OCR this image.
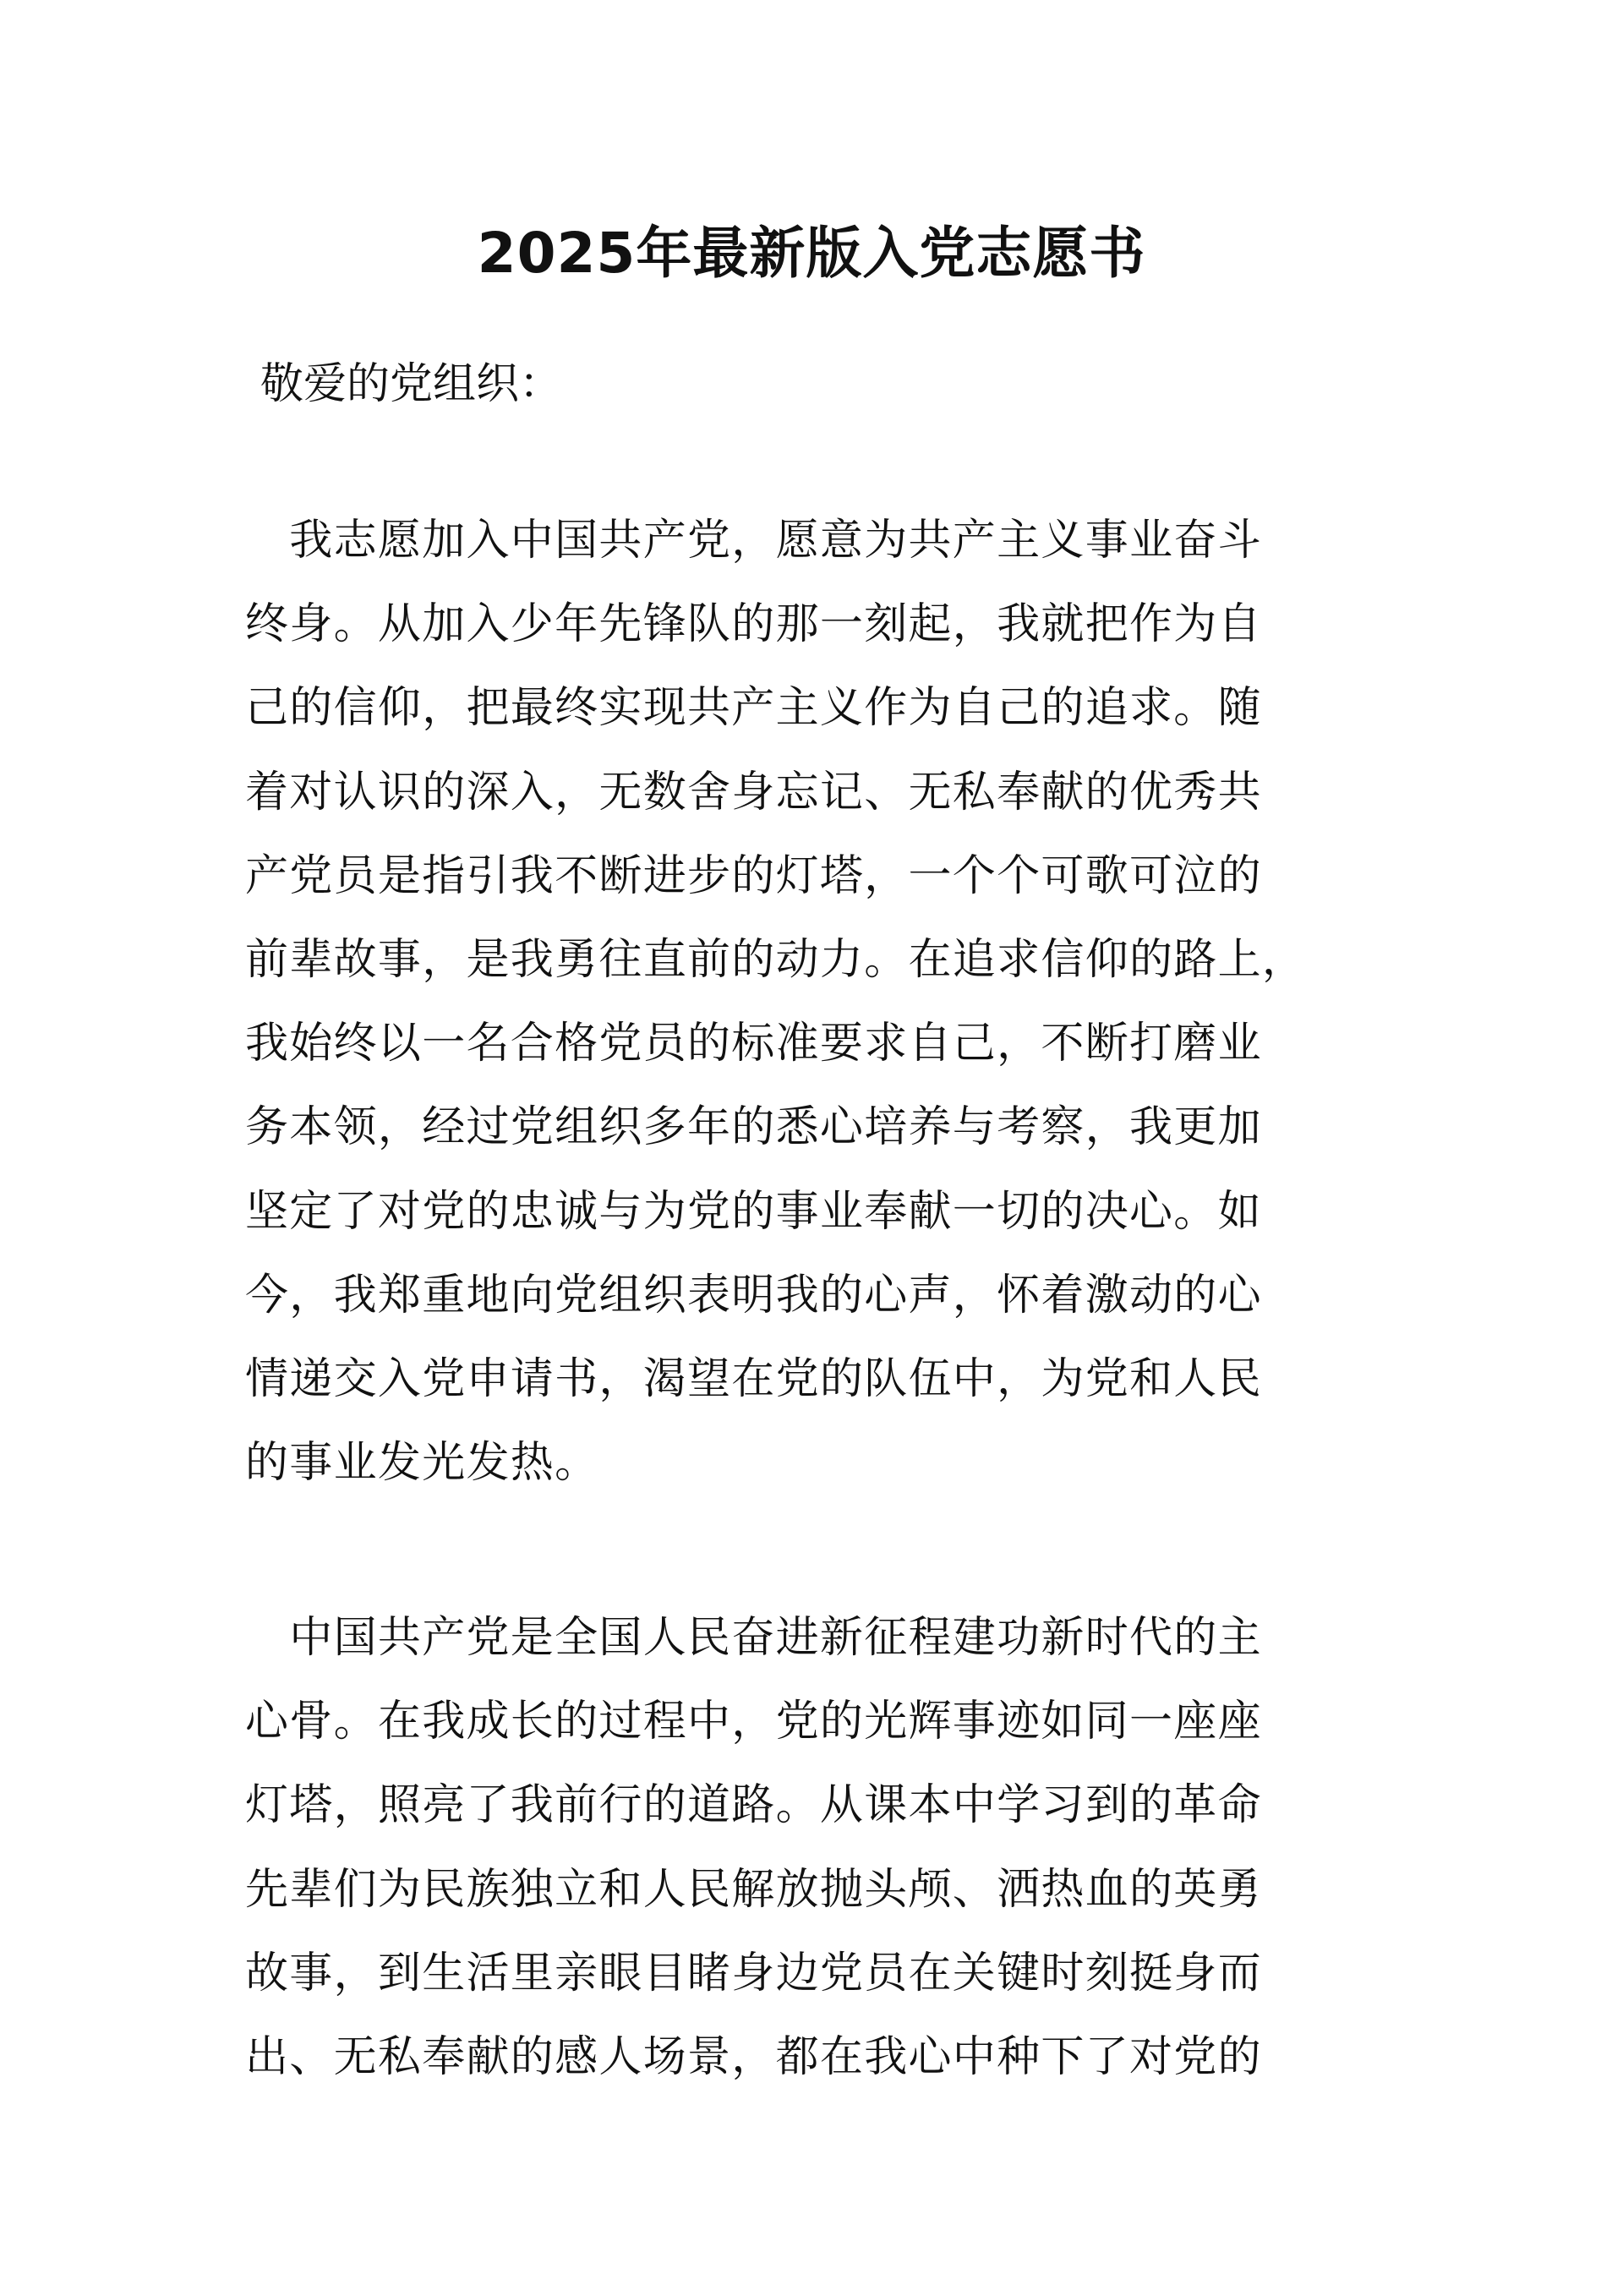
2025年最新版入党志愿书

敬爱的党组织：

　我志愿加入中国共产党，愿意为共产主义事业奋斗
终身。从加入少年先锋队的那一刻起，我就把作为自
己的信仰，把最终实现共产主义作为自己的追求。随
着对认识的深入，无数舍身忘记、无私奉献的优秀共
产党员是指引我不断进步的灯塔，一个个可歌可泣的
前辈故事，是我勇往直前的动力。在追求信仰的路上，
我始终以一名合格党员的标准要求自己，不断打磨业
务本领，经过党组织多年的悉心培养与考察，我更加
坚定了对党的忠诚与为党的事业奉献一切的决心。如
今，我郑重地向党组织表明我的心声，怀着激动的心
情递交入党申请书，渴望在党的队伍中，为党和人民
的事业发光发热。
　中国共产党是全国人民奋进新征程建功新时代的主
心骨。在我成长的过程中，党的光辉事迹如同一座座
灯塔，照亮了我前行的道路。从课本中学习到的革命
先辈们为民族独立和人民解放抛头颅、洒热血的英勇
故事，到生活里亲眼目睹身边党员在关键时刻挺身而
出、无私奉献的感人场景，都在我心中种下了对党的
